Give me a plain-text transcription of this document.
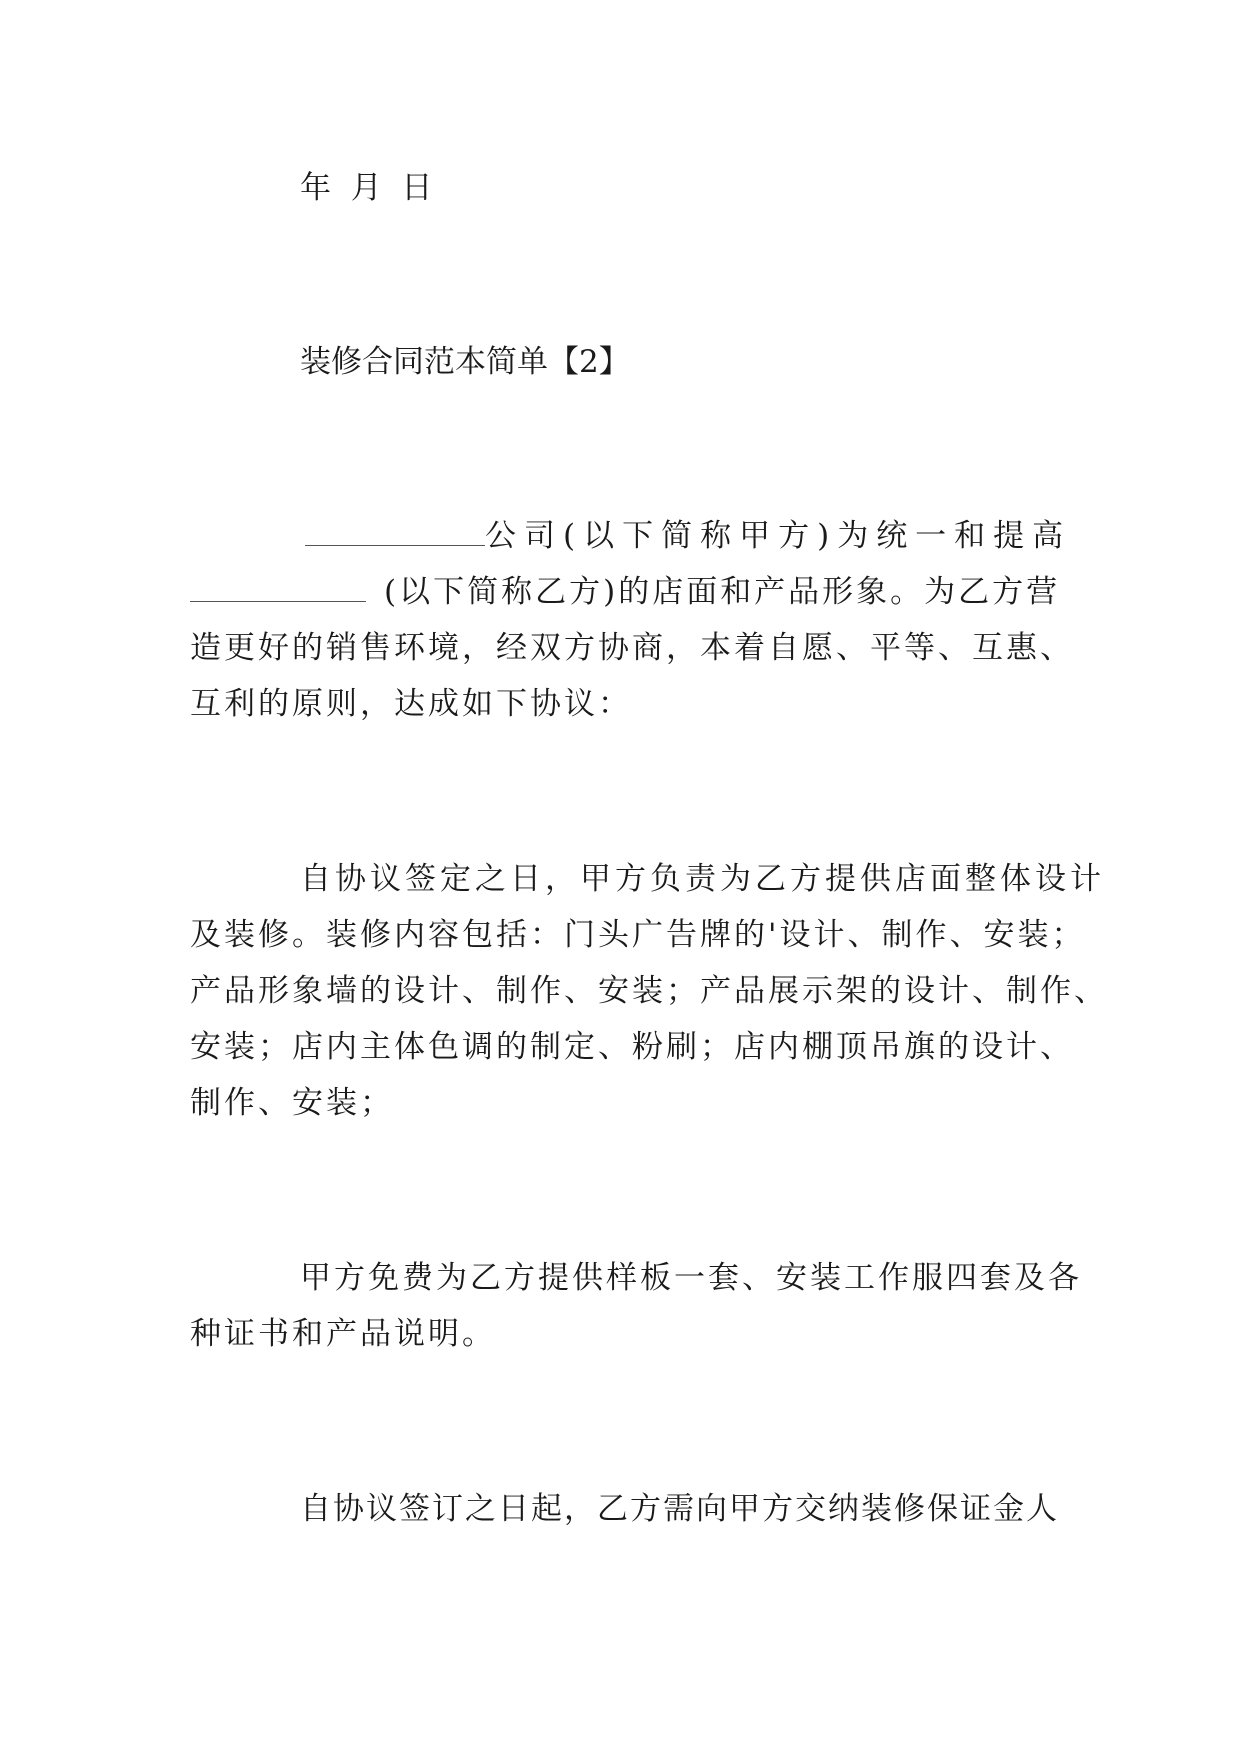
年  月  日
装修合同范本简单【2】
公司(以下简称甲方)为统一和提高
(以下简称乙方)的店面和产品形象。为乙方营
造更好的销售环境，经双方协商，本着自愿、平等、互惠、
互利的原则，达成如下协议：
自协议签定之日，甲方负责为乙方提供店面整体设计
及装修。装修内容包括：门头广告牌的'设计、制作、安装；
产品形象墙的设计、制作、安装；产品展示架的设计、制作、
安装；店内主体色调的制定、粉刷；店内棚顶吊旗的设计、
制作、安装；
甲方免费为乙方提供样板一套、安装工作服四套及各
种证书和产品说明。
自协议签订之日起，乙方需向甲方交纳装修保证金人
